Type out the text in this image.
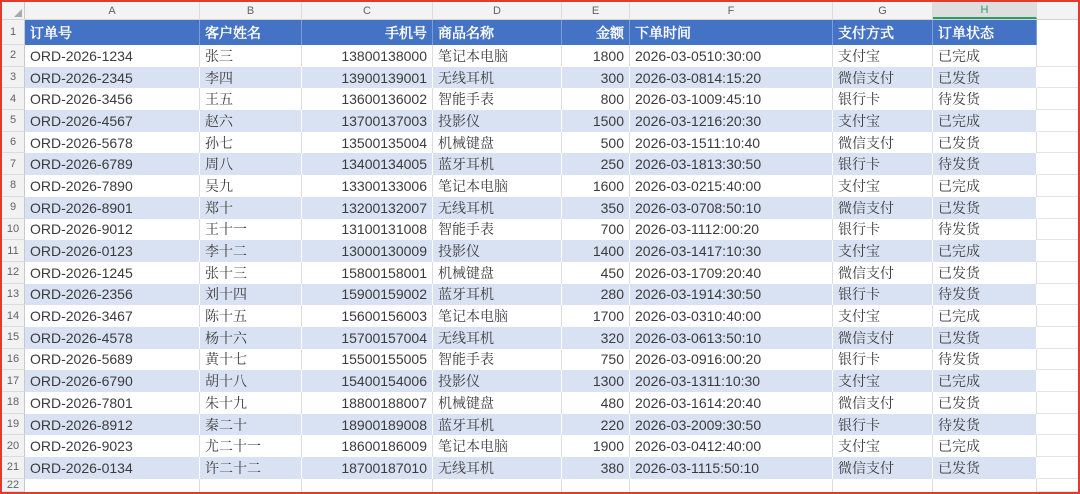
A	B	C	D	E	F	G	H
1 订单号	客户姓名	手机号 商品名称	金额 下单时间	支付方式	订单状态
2 ORD-2026-1234	张三	13800138000 笔记本电脑	1800 2026-03-0510:30:00	支付宝	已完成
3 ORD-2026-2345	李四	13900139001 无线耳机	300 2026-03-0814:15:20	微信支付	已发货
4 ORD-2026-3456	王五	13600136002 智能手表	800 2026-03-1009:45:10	银行卡	待发货
5 ORD-2026-4567	赵六	13700137003 投影仪	1500 2026-03-1216:20:30	支付宝	已完成
6 ORD-2026-5678	孙七	13500135004 机械键盘	500 2026-03-1511:10:40	微信支付	已发货
7 ORD-2026-6789	周八	13400134005 蓝牙耳机	250 2026-03-1813:30:50	银行卡	待发货
8 ORD-2026-7890	吴九	13300133006 笔记本电脑	1600 2026-03-0215:40:00	支付宝	已完成
9 ORD-2026-8901	郑十	13200132007 无线耳机	350 2026-03-0708:50:10	微信支付	已发货
10 ORD-2026-9012	王十一	13100131008 智能手表	700 2026-03-1112:00:20	银行卡	待发货
11 ORD-2026-0123	李十二	13000130009 投影仪	1400 2026-03-1417:10:30	支付宝	已完成
12 ORD-2026-1245	张十三	15800158001 机械键盘	450 2026-03-1709:20:40	微信支付	已发货
13 ORD-2026-2356	刘十四	15900159002 蓝牙耳机	280 2026-03-1914:30:50	银行卡	待发货
14 ORD-2026-3467	陈十五	15600156003 笔记本电脑	1700 2026-03-0310:40:00	支付宝	已完成
15 ORD-2026-4578	杨十六	15700157004 无线耳机	320 2026-03-0613:50:10	微信支付	已发货
16 ORD-2026-5689	黄十七	15500155005 智能手表	750 2026-03-0916:00:20	银行卡	待发货
17 ORD-2026-6790	胡十八	15400154006 投影仪	1300 2026-03-1311:10:30	支付宝	已完成
18 ORD-2026-7801	朱十九	18800188007 机械键盘	480 2026-03-1614:20:40	微信支付	已发货
19 ORD-2026-8912	秦二十	18900189008 蓝牙耳机	220 2026-03-2009:30:50	银行卡	待发货
20 ORD-2026-9023	尤二十一	18600186009 笔记本电脑	1900 2026-03-0412:40:00	支付宝	已完成
21 ORD-2026-0134	许二十二	18700187010 无线耳机	380 2026-03-1115:50:10	微信支付	已发货
22
